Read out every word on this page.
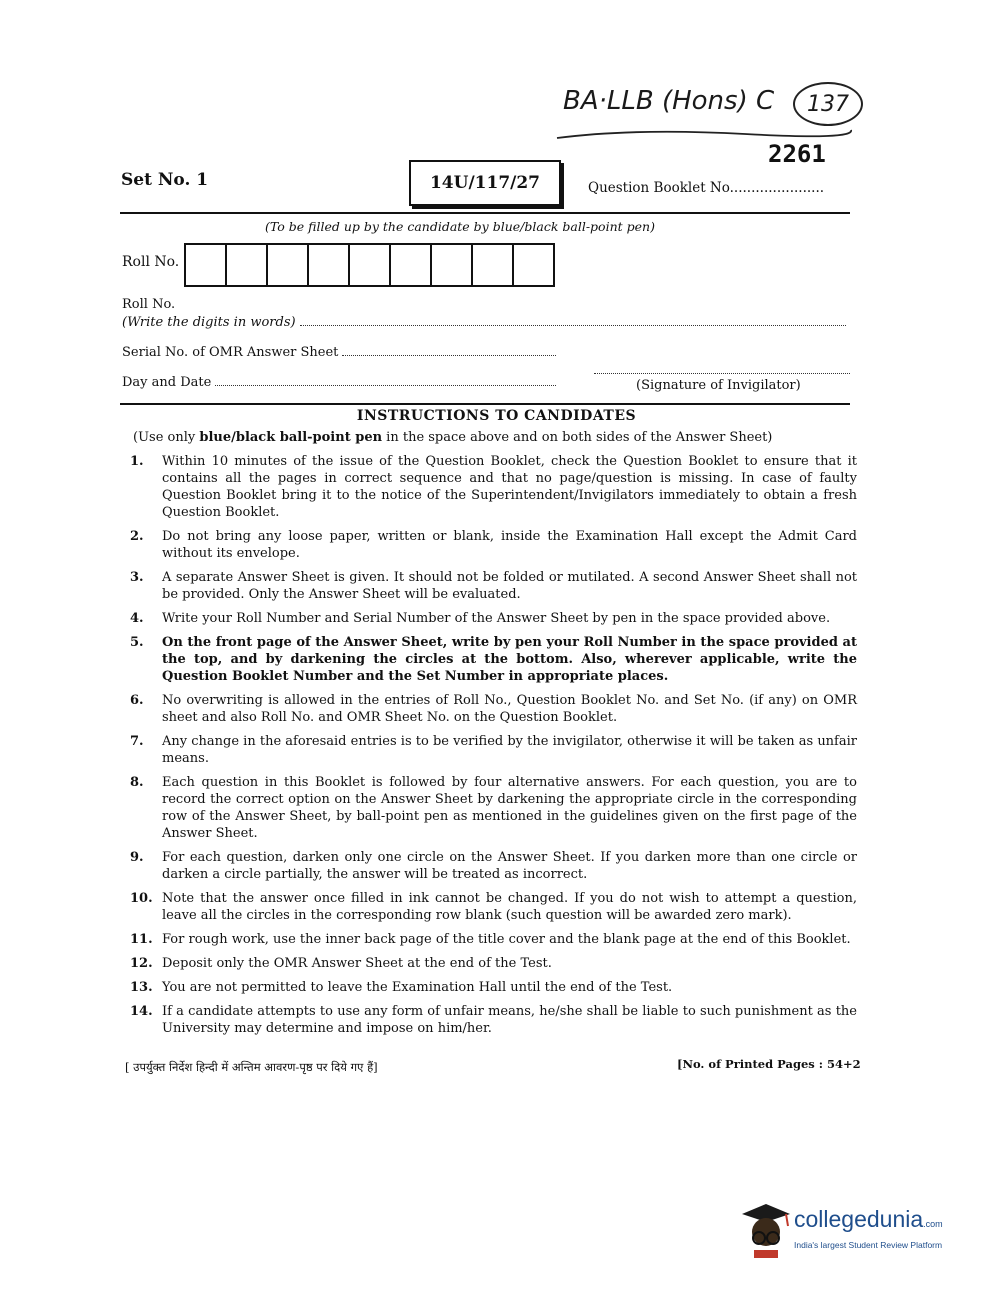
BA·LLB (Hons) C 137
2261
Set No. 1	14U/117/27	Question Booklet No......................
(To be filled up by the candidate by blue/black ball-point pen)
Roll No.
Roll No.
(Write the digits in words)
Serial No. of OMR Answer Sheet
Day and Date	(Signature of Invigilator)
INSTRUCTIONS TO CANDIDATES
(Use only blue/black ball-point pen in the space above and on both sides of the Answer Sheet)
1.	Within 10 minutes of the issue of the Question Booklet, check the Question Booklet to ensure that it contains all the pages in correct sequence and that no page/question is missing. In case of faulty Question Booklet bring it to the notice of the Superintendent/Invigilators immediately to obtain a fresh Question Booklet.
2.	Do not bring any loose paper, written or blank, inside the Examination Hall except the Admit Card without its envelope.
3.	A separate Answer Sheet is given. It should not be folded or mutilated. A second Answer Sheet shall not be provided. Only the Answer Sheet will be evaluated.
4.	Write your Roll Number and Serial Number of the Answer Sheet by pen in the space provided above.
5.	On the front page of the Answer Sheet, write by pen your Roll Number in the space provided at the top, and by darkening the circles at the bottom. Also, wherever applicable, write the Question Booklet Number and the Set Number in appropriate places.
6.	No overwriting is allowed in the entries of Roll No., Question Booklet No. and Set No. (if any) on OMR sheet and also Roll No. and OMR Sheet No. on the Question Booklet.
7.	Any change in the aforesaid entries is to be verified by the invigilator, otherwise it will be taken as unfair means.
8.	Each question in this Booklet is followed by four alternative answers. For each question, you are to record the correct option on the Answer Sheet by darkening the appropriate circle in the corresponding row of the Answer Sheet, by ball-point pen as mentioned in the guidelines given on the first page of the Answer Sheet.
9.	For each question, darken only one circle on the Answer Sheet. If you darken more than one circle or darken a circle partially, the answer will be treated as incorrect.
10. Note that the answer once filled in ink cannot be changed. If you do not wish to attempt a question, leave all the circles in the corresponding row blank (such question will be awarded zero mark).
11. For rough work, use the inner back page of the title cover and the blank page at the end of this Booklet.
12. Deposit only the OMR Answer Sheet at the end of the Test.
13. You are not permitted to leave the Examination Hall until the end of the Test.
14. If a candidate attempts to use any form of unfair means, he/she shall be liable to such punishment as the University may determine and impose on him/her.
[ उपर्युक्त निर्देश हिन्दी में अन्तिम आवरण-पृष्ठ पर दिये गए हैं]	[No. of Printed Pages : 54+2
collegedunia.com
India's largest Student Review Platform
